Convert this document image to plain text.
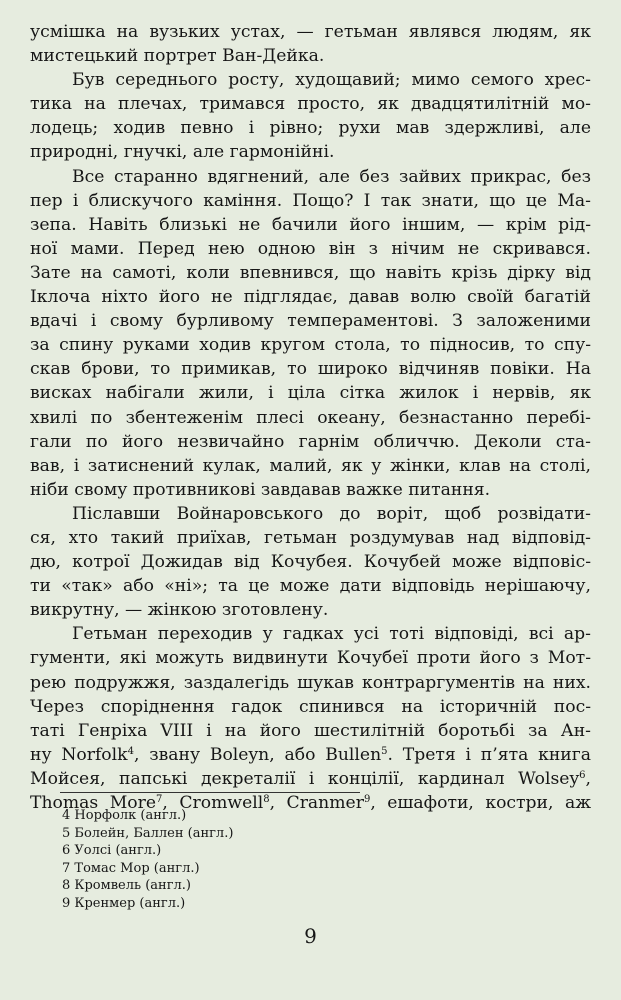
усмішка на вузьких устах, — гетьман являвся людям, як
мистецький портрет Ван-Дейка.
Був середнього росту, худощавий; мимо семого хрес-
тика на плечах, тримався просто, як двадцятилітній мо-
лодець; ходив певно і рівно; рухи мав здержливі, але
природні, гнучкі, але гармонійні.
Все старанно вдягнений, але без зайвих прикрас, без
пер і блискучого каміння. Пощо? І так знати, що це Ма-
зепа. Навіть близькі не бачили його іншим, — крім рід-
ної мами. Перед нею одною він з нічим не скривався.
Зате на самоті, коли впевнився, що навіть крізь дірку від
Іклоча ніхто його не підглядає, давав волю своїй багатій
вдачі і свому бурливому темпераментові. З заложеними
за спину руками ходив кругом стола, то підносив, то спу-
скав брови, то примикав, то широко відчиняв повіки. На
висках набігали жили, і ціла сітка жилок і нервів, як
хвилі по збентеженім плесі океану, безнастанно перебі-
гали по його незвичайно гарнім обличчю. Деколи ста-
вав, і затиснений кулак, малий, як у жінки, клав на столі,
ніби свому противникові завдавав важке питання.
Піславши Войнаровського до воріт, щоб розвідати-
ся, хто такий приїхав, гетьман роздумував над відповід-
дю, котрої Дожидав від Кочубея. Кочубей може відповіс-
ти «так» або «ні»; та це може дати відповідь нерішаючу,
викрутну, — жінкою зготовлену.
Гетьман переходив у гадках усі тоті відповіді, всі ар-
гументи, які можуть видвинути Кочубеї проти його з Мот-
рею подружжя, заздалегідь шукав контраргументів на них.
Через споріднення гадок спинився на історичній пос-
таті Генріха VIII і на його шестилітній боротьбі за Ан-
ну Norfolk$^4$, звану Boleyn, або Bullen$^5$. Третя і п’ята книга
Мойсея, папські декреталії і концілії, кардинал Wolsey$^6$,
Thomas More$^7$, Cromwell$^8$, Cranmer$^9$, ешафоти, костри, аж
4 Норфолк (англ.)
5 Болейн, Баллен (англ.)
6 Уолсі (англ.)
7 Томас Мор (англ.)
8 Кромвель (англ.)
9 Кренмер (англ.)
9
